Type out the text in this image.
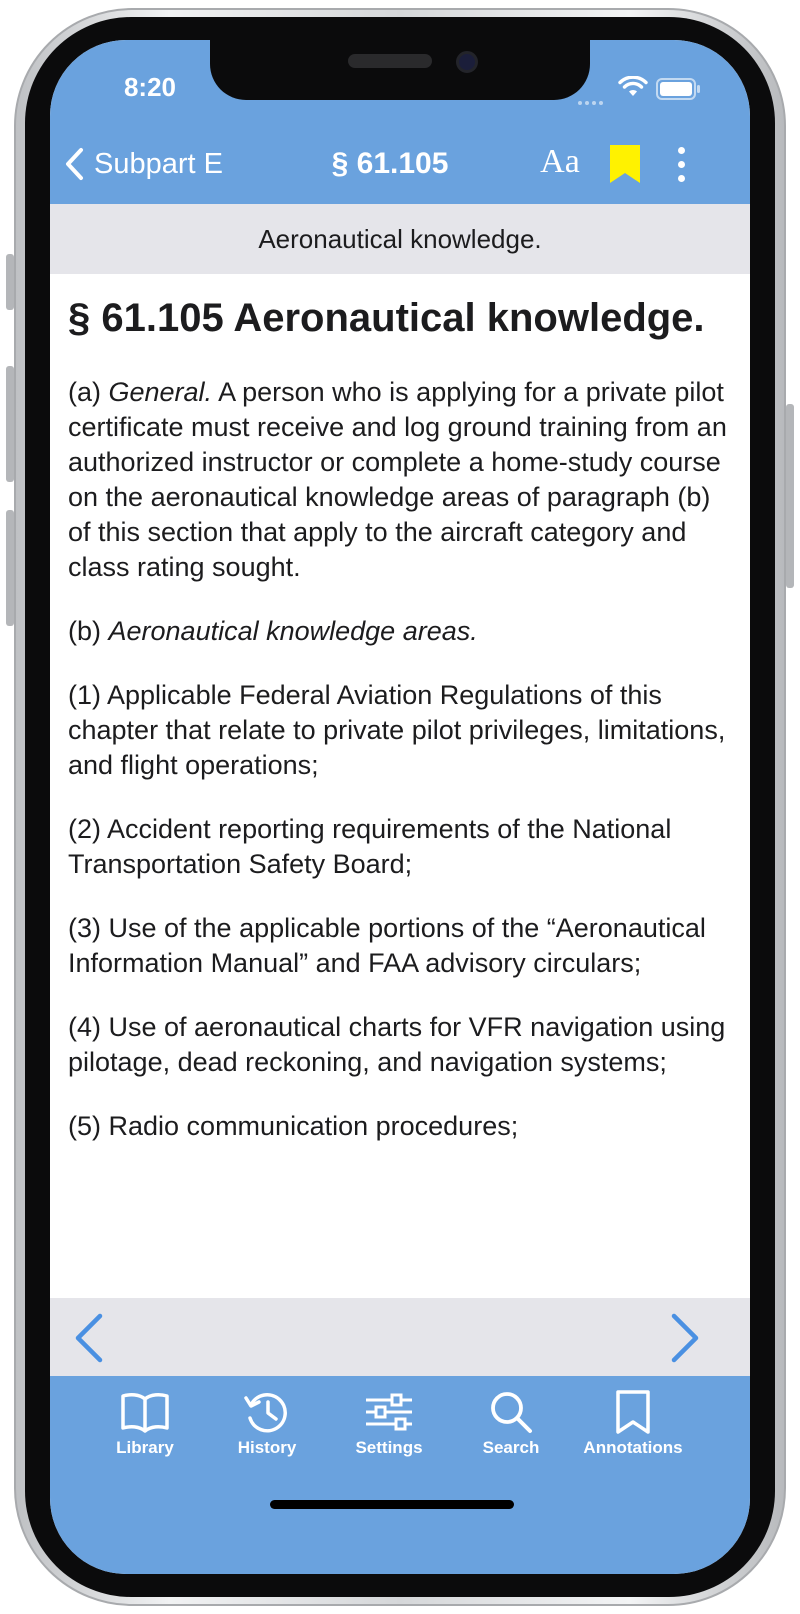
8:20
Subpart E	§ 61.105	Aa
Aeronautical knowledge.
§ 61.105 Aeronautical knowledge.

(a) General. A person who is applying for a private pilot certificate must receive and log ground training from an authorized instructor or complete a home-study course on the aeronautical knowledge areas of paragraph (b) of this section that apply to the aircraft category and class rating sought.

(b) Aeronautical knowledge areas.

(1) Applicable Federal Aviation Regulations of this chapter that relate to private pilot privileges, limitations, and flight operations;

(2) Accident reporting requirements of the National Transportation Safety Board;

(3) Use of the applicable portions of the “Aeronautical Information Manual” and FAA advisory circulars;

(4) Use of aeronautical charts for VFR navigation using pilotage, dead reckoning, and navigation systems;

(5) Radio communication procedures;

Library	History	Settings	Search	Annotations
